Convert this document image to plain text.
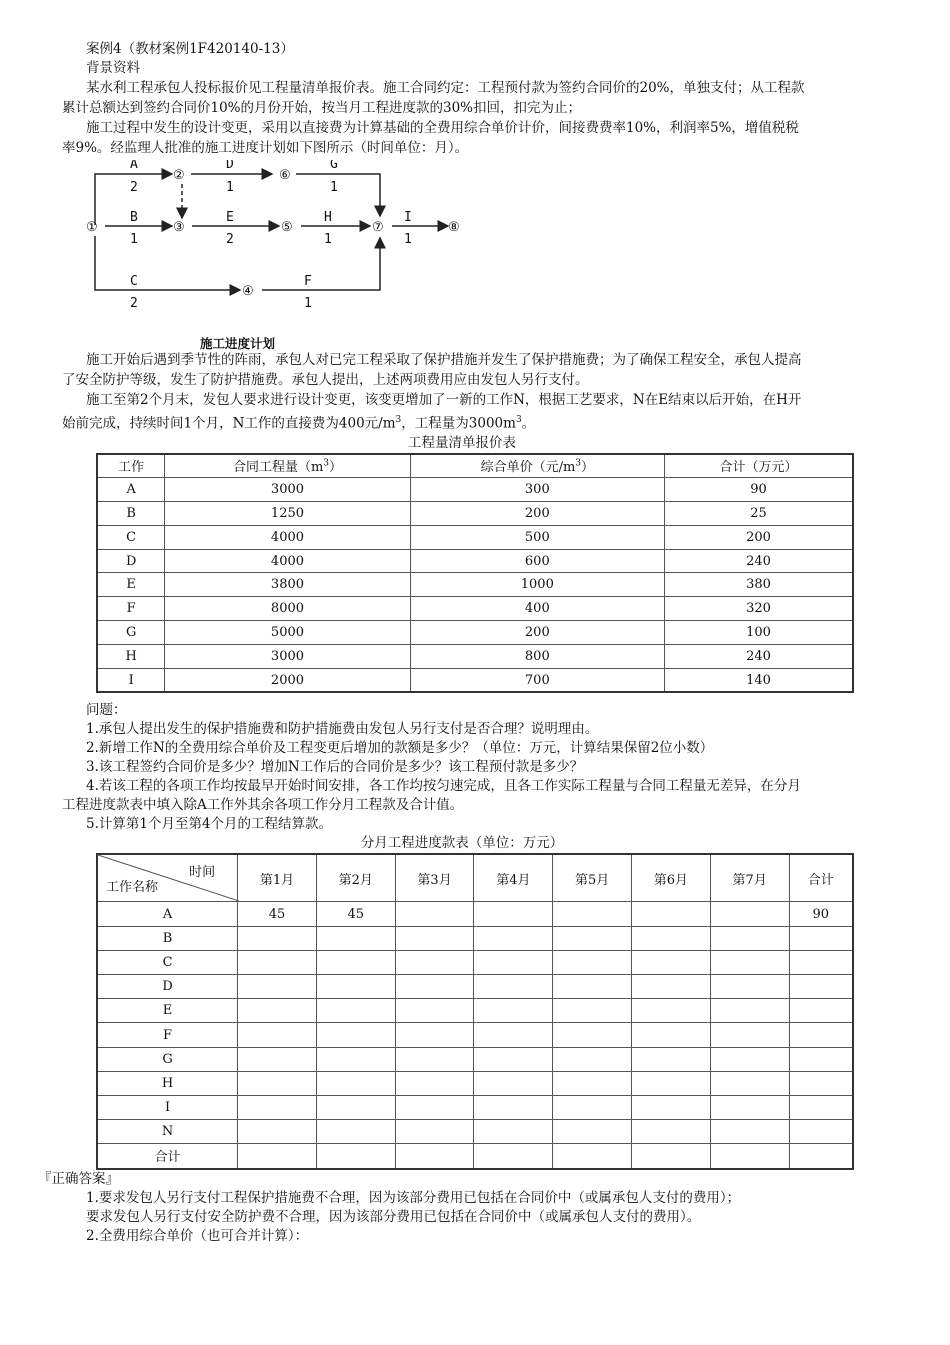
案例4（教材案例1F420140-13）
背景资料
某水利工程承包人投标报价见工程量清单报价表。施工合同约定：工程预付款为签约合同价的20%，单独支付；从工程款

累计总额达到签约合同价10%的月份开始，按当月工程进度款的30%扣回，扣完为止；
施工过程中发生的设计变更，采用以直接费为计算基础的全费用综合单价计价，间接费费率10%，利润率5%，增值税税
率9%。经监理人批准的施工进度计划如下图所示（时间单位：月）。
①
②
③
④
⑤
⑥
⑦	⑧
A
2
D
1
G
1
B
1
E
2
H
1
I
1
C
2
F
1
施工进度计划
施工开始后遇到季节性的阵雨，承包人对已完工程采取了保护措施并发生了保护措施费；为了确保工程安全，承包人提高
了安全防护等级，发生了防护措施费。承包人提出，上述两项费用应由发包人另行支付。
施工至第2个月末，发包人要求进行设计变更，该变更增加了一新的工作N，根据工艺要求，N在E结束以后开始，在H开
始前完成，持续时间1个月，N工作的直接费为400元$/m^3$，工程量为$3000m^3$。
工程量清单报价表
工作	合同工程量$(m^3)$	综合单价（元$/m^3$）	合计（万元）
A	3000	300	90
B	1250	200	25
C	4000	500	200
D	4000	600	240
E	3800	1000	380
F	8000	400	320
G	5000	200	100
H	3000	800	240
I	2000	700	140
问题：
1.承包人提出发生的保护措施费和防护措施费由发包人另行支付是否合理？说明理由。
2.新增工作N的全费用综合单价及工程变更后增加的款额是多少？（单位：万元，计算结果保留2位小数）
3.该工程签约合同价是多少？增加N工作后的合同价是多少？该工程预付款是多少？
4.若该工程的各项工作均按最早开始时间安排，各工作均按匀速完成，且各工作实际工程量与合同工程量无差异，在分月
工程进度款表中填入除A工作外其余各项工作分月工程款及合计值。
5.计算第1个月至第4个月的工程结算款。
分月工程进度款表（单位：万元）
时间
工作名称	第1月	第2月	第3月	第4月	第5月	第6月	第7月	合计
A	45	45						90
B								
C								
D								
E								
F								
G								
H								
I								
N								
合计								
『正确答案』
1.要求发包人另行支付工程保护措施费不合理，因为该部分费用已包括在合同价中（或属承包人支付的费用）；
要求发包人另行支付安全防护费不合理，因为该部分费用已包括在合同价中（或属承包人支付的费用）。
2.全费用综合单价（也可合并计算）：
